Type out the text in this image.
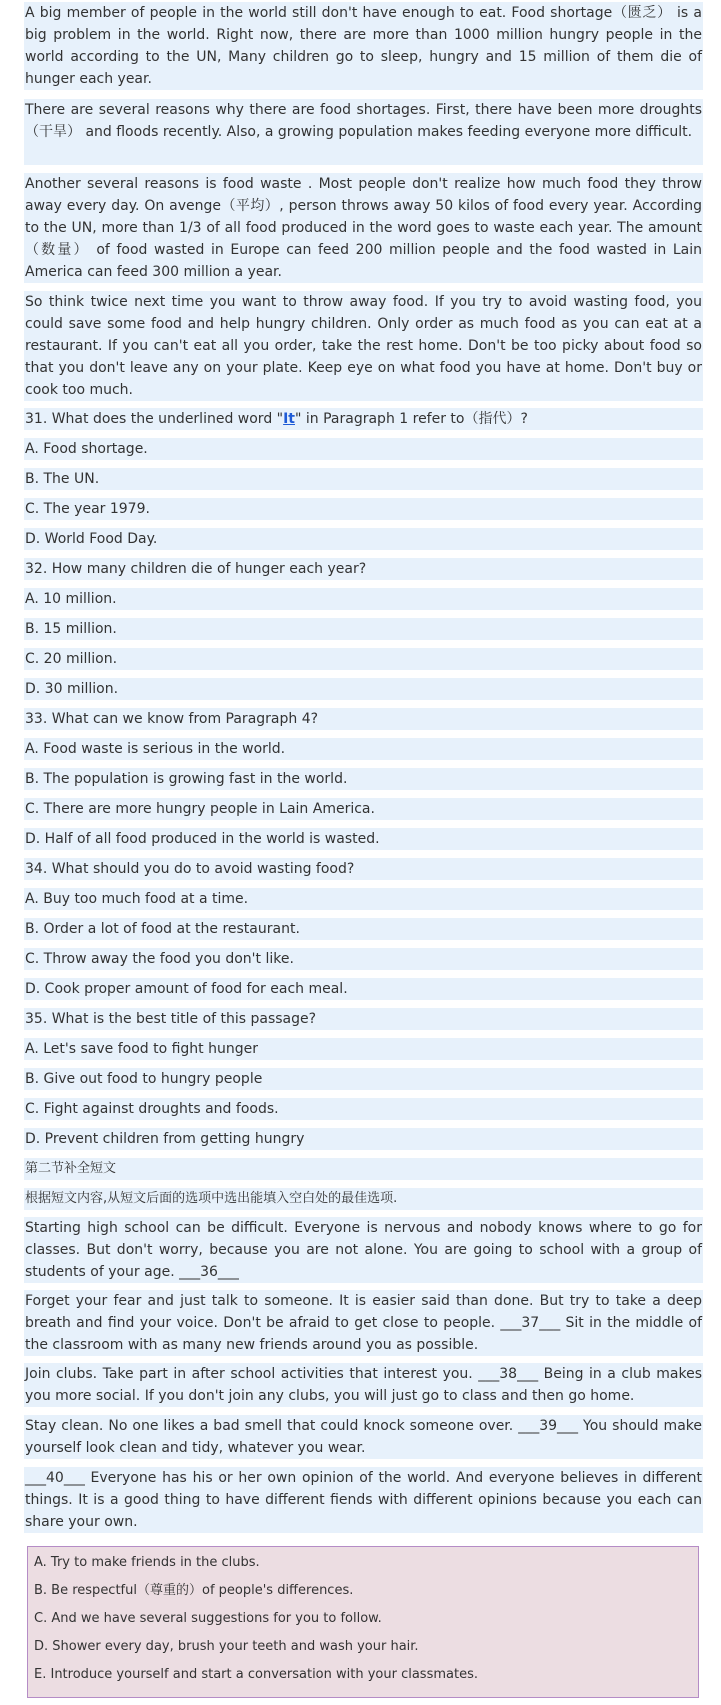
A big member of people in the world still don't have enough to eat. Food shortage（匮乏） is a big problem in the world. Right now, there are more than 1000 million hungry people in the world according to the UN, Many children go to sleep, hungry and 15 million of them die of hunger each year.
There are several reasons why there are food shortages. First, there have been more droughts（干旱） and floods recently. Also, a growing population makes feeding everyone more difficult.
Another several reasons is food waste . Most people don't realize how much food they throw away every day. On avenge（平均）, person throws away 50 kilos of food every year. According to the UN, more than 1/3 of all food produced in the word goes to waste each year. The amount（数量） of food wasted in Europe can feed 200 million people and the food wasted in Lain America can feed 300 million a year.
So think twice next time you want to throw away food. If you try to avoid wasting food, you could save some food and help hungry children. Only order as much food as you can eat at a restaurant. If you can't eat all you order, take the rest home. Don't be too picky about food so that you don't leave any on your plate. Keep eye on what food you have at home. Don't buy or cook too much.
31. What does the underlined word "It" in Paragraph 1 refer to（指代）?
A. Food shortage.
B. The UN.
C. The year 1979.
D. World Food Day.
32. How many children die of hunger each year?
A. 10 million.
B. 15 million.
C. 20 million.
D. 30 million.
33. What can we know from Paragraph 4?
A. Food waste is serious in the world.
B. The population is growing fast in the world.
C. There are more hungry people in Lain America.
D. Half of all food produced in the world is wasted.
34. What should you do to avoid wasting food?
A. Buy too much food at a time.
B. Order a lot of food at the restaurant.
C. Throw away the food you don't like.
D. Cook proper amount of food for each meal.
35. What is the best title of this passage?
A. Let's save food to fight hunger
B. Give out food to hungry people
C. Fight against droughts and foods.
D. Prevent children from getting hungry
第二节补全短文
根据短文内容,从短文后面的选项中选出能填入空白处的最佳选项.
Starting high school can be difficult. Everyone is nervous and nobody knows where to go for classes. But don't worry, because you are not alone. You are going to school with a group of students of your age. ___36___
Forget your fear and just talk to someone. It is easier said than done. But try to take a deep breath and find your voice. Don't be afraid to get close to people. ___37___ Sit in the middle of the classroom with as many new friends around you as possible.
Join clubs. Take part in after school activities that interest you. ___38___ Being in a club makes you more social. If you don't join any clubs, you will just go to class and then go home.
Stay clean. No one likes a bad smell that could knock someone over. ___39___ You should make yourself look clean and tidy, whatever you wear.
___40___ Everyone has his or her own opinion of the world. And everyone believes in different things. It is a good thing to have different fiends with different opinions because you each can share your own.
A. Try to make friends in the clubs.
B. Be respectful（尊重的）of people's differences.
C. And we have several suggestions for you to follow.
D. Shower every day, brush your teeth and wash your hair.
E. Introduce yourself and start a conversation with your classmates.
